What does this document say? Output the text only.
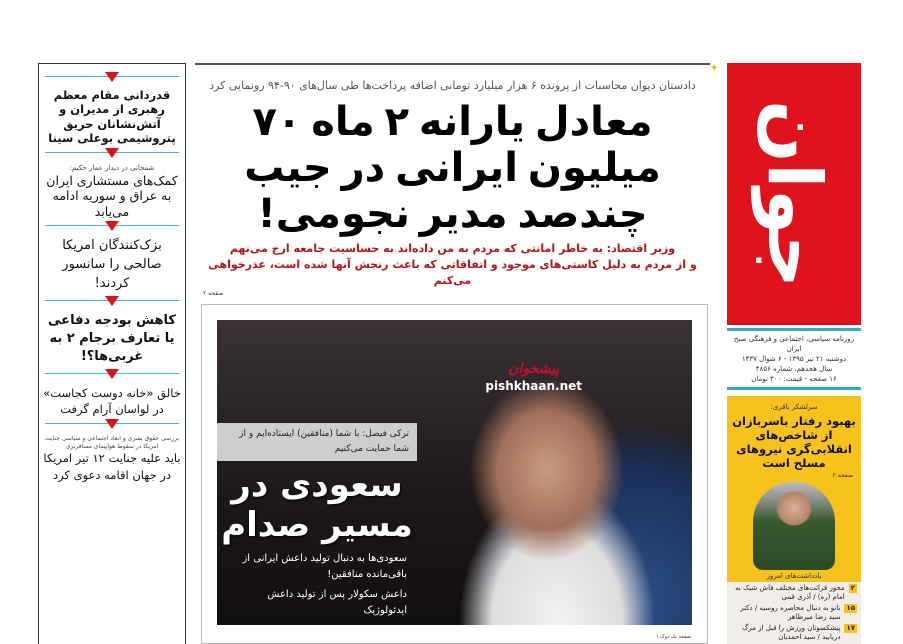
قدردانی مقام معظم رهبری از مدیران و آتش‌نشانان حریق پتروشیمی بوعلی سینا
شمخانی در دیدار عمار حکیم:
کمک‌های مستشاری ایران به عراق و سوریه ادامه می‌یابد
بزک‌کنندگان امریکا صالحی را سانسور کردند!
کاهش بودجه دفاعی یا تعارف برجام ۲ به غربی‌ها؟!
خالق «خانه دوست کجاست» در لواسان آرام گرفت
بررسی حقوق بشری و ابعاد اجتماعی و سیاسی جنایت امریکا در سقوط هواپیمای مسافربری
باید علیه جنایت ۱۲ تیر امریکا در جهان اقامه دعوی کرد
✦
دادستان دیوان محاسبات از پرونده ۶ هزار میلیارد تومانی اضافه پرداخت‌ها طی سال‌های ۹۰-۹۴ رونمایی کرد
معادل یارانه ۲ ماه ۷۰ میلیون ایرانی در جیب چندصد مدیر نجومی!
وزیر اقتصاد: به خاطر امانتی که مردم به من داده‌اند به حساسیت جامعه ارج می‌نهم
و از مردم به دلیل کاستی‌های موجود و اتفاقاتی که باعث رنجش آنها شده است، عذرخواهی می‌کنم
صفحه ۲
پیشخوان
pishkhaan.net
ترکی فیصل: با شما (منافقین) ایستاده‌ایم و از شما حمایت می‌کنیم
سعودی در مسیر صدام
سعودی‌ها به دنبال تولید داعش ایرانی از باقی‌مانده منافقین!
داعش سکولار پس از تولید داعش ایدئولوژیک
صفحه یک دوک ۱
جوان
روزنامه سیاسی، اجتماعی و فرهنگی صبح ایران
دوشنبه ۲۱ تیر ۱۳۹۵ - ۶ شوال ۱۴۳۷
سال هجدهم، شماره ۴۸۵۶
۱۶ صفحه - قیمت: ۳۰۰ تومان
سرلشکر باقری:
بهبود رفتار باسربازان از شاخص‌های انقلابی‌گری نیروهای مسلح است
صفحه ۲
یادداشت‌های امروز
۲
مجوز قرائت‌های مختلف فاش شیک به امام (ره) / آذری قمی
۱۵
ناتو به دنبال محاصره روسیه / دکتر سید رضا میرطاهر
۱۷
پیشکسوتان ورزش را قبل از مرگ دریابید / سید احمدیان
